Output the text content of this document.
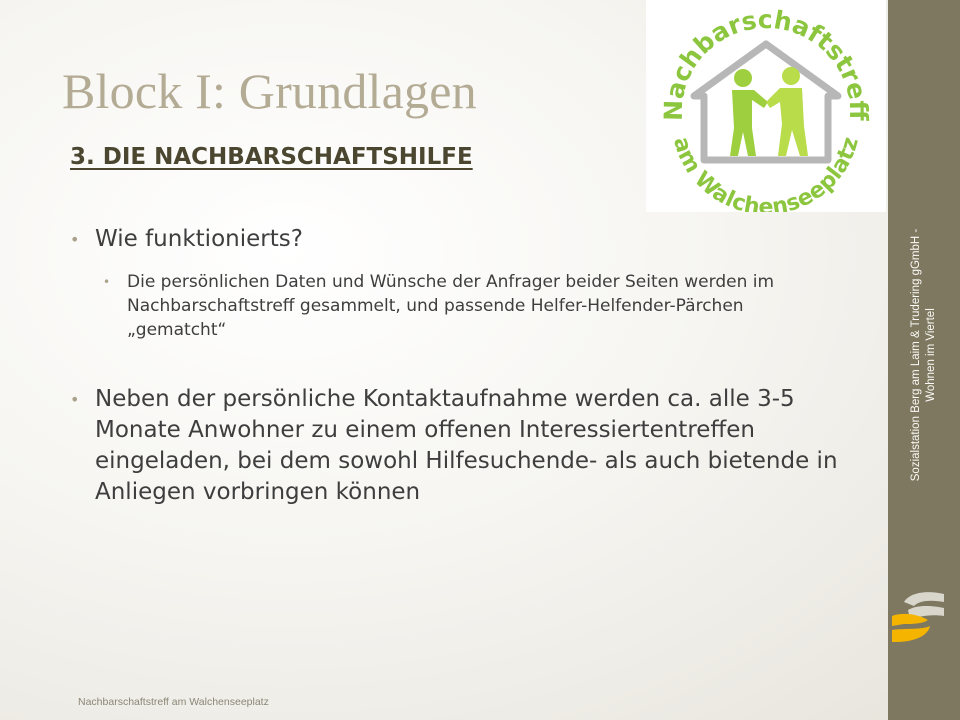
Block I: Grundlagen
3. DIE NACHBARSCHAFTSHILFE
Nachbarschaftstreff
am Walchenseeplatz
• Wie funktionierts?
• Die persönlichen Daten und Wünsche der Anfrager beider Seiten werden im Nachbarschaftstreff gesammelt, und passende Helfer-Helfender-Pärchen „gematcht“
• Neben der persönliche Kontaktaufnahme werden ca. alle 3-5 Monate Anwohner zu einem offenen Interessiertentreffen eingeladen, bei dem sowohl Hilfesuchende- als auch bietende in Anliegen vorbringen können
Nachbarschaftstreff am Walchenseeplatz
Sozialstation Berg am Laim & Trudering gGmbH - Wohnen im Viertel
